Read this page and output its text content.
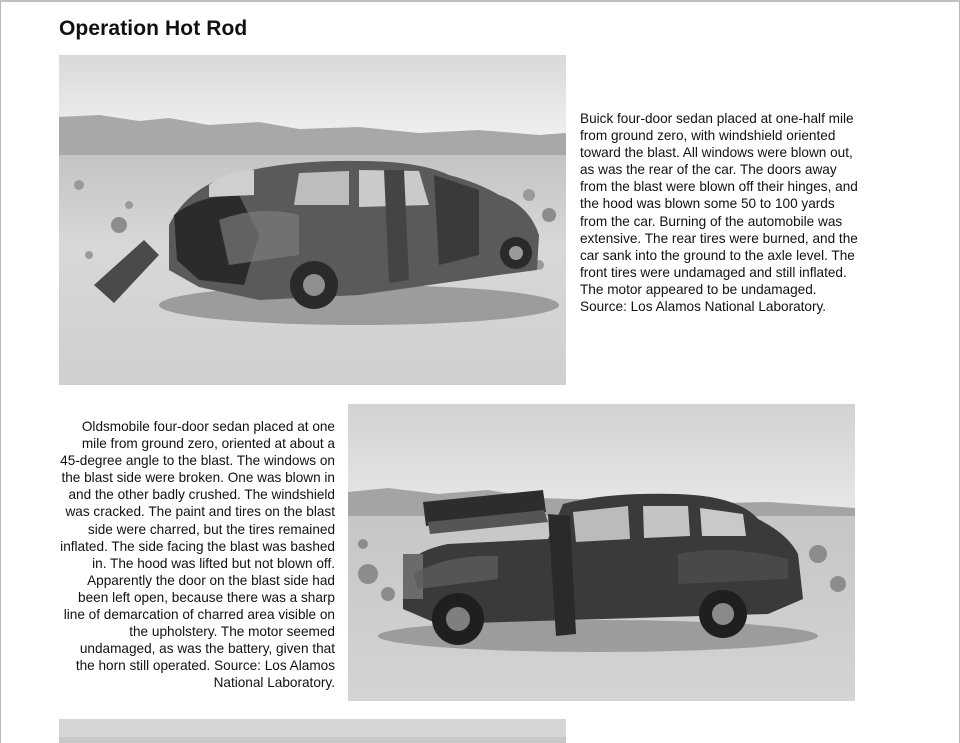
Operation Hot Rod

Buick four-door sedan placed at one-half mile from ground zero, with windshield oriented toward the blast. All windows were blown out, as was the rear of the car. The doors away from the blast were blown off their hinges, and the hood was blown some 50 to 100 yards from the car. Burning of the automobile was extensive. The rear tires were burned, and the car sank into the ground to the axle level. The front tires were undamaged and still inflated. The motor appeared to be undamaged. Source: Los Alamos National Laboratory.

Oldsmobile four-door sedan placed at one mile from ground zero, oriented at about a 45-degree angle to the blast. The windows on the blast side were broken. One was blown in and the other badly crushed. The windshield was cracked. The paint and tires on the blast side were charred, but the tires remained inflated. The side facing the blast was bashed in. The hood was lifted but not blown off. Apparently the door on the blast side had been left open, because there was a sharp line of demarcation of charred area visible on the upholstery. The motor seemed undamaged, as was the battery, given that the horn still operated. Source: Los Alamos National Laboratory.
